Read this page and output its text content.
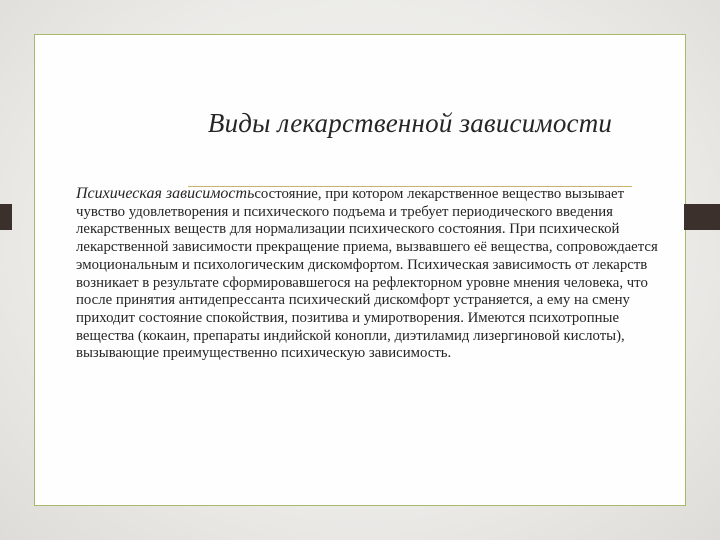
Виды лекарственной зависимости

Психическая зависимостьсостояние, при котором лекарственное вещество вызывает чувство удовлетворения и психического подъема и требует периодического введения лекарственных веществ для нормализации психического состояния. При психической лекарственной зависимости прекращение приема, вызвавшего её вещества, сопровождается эмоциональным и психологическим дискомфортом. Психическая зависимость от лекарств возникает в результате сформировавшегося на рефлекторном уровне мнения человека, что после принятия антидепрессанта психический дискомфорт устраняется, а ему на смену приходит состояние спокойствия, позитива и умиротворения. Имеются психотропные вещества (кокаин, препараты индийской конопли, диэтиламид лизергиновой кислоты), вызывающие преимущественно психическую зависимость.
